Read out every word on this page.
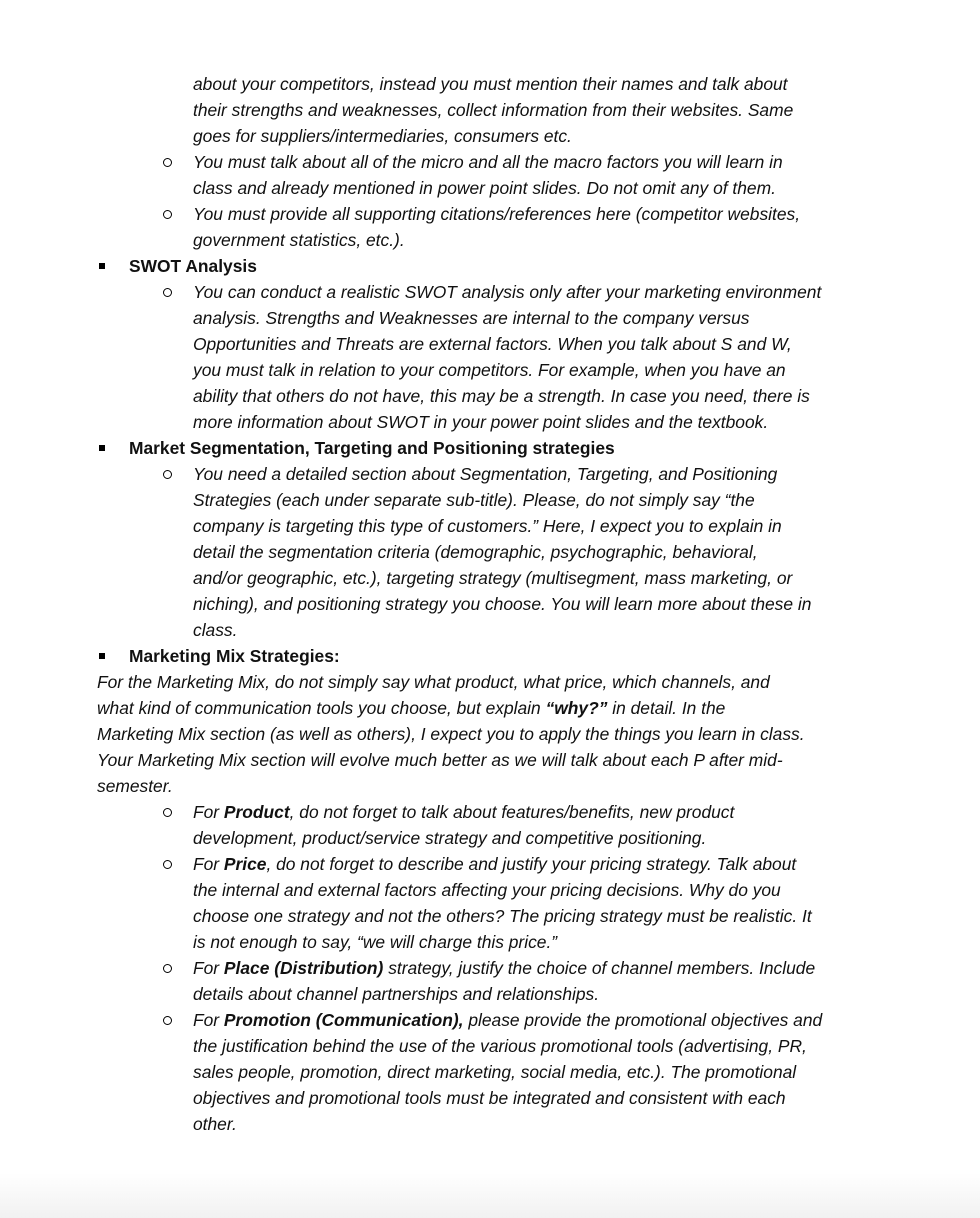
about your competitors, instead you must mention their names and talk about
their strengths and weaknesses, collect information from their websites. Same
goes for suppliers/intermediaries, consumers etc.
You must talk about all of the micro and all the macro factors you will learn in
class and already mentioned in power point slides. Do not omit any of them.
You must provide all supporting citations/references here (competitor websites,
government statistics, etc.).
SWOT Analysis
You can conduct a realistic SWOT analysis only after your marketing environment
analysis. Strengths and Weaknesses are internal to the company versus
Opportunities and Threats are external factors. When you talk about S and W,
you must talk in relation to your competitors. For example, when you have an
ability that others do not have, this may be a strength. In case you need, there is
more information about SWOT in your power point slides and the textbook.
Market Segmentation, Targeting and Positioning strategies
You need a detailed section about Segmentation, Targeting, and Positioning
Strategies (each under separate sub-title). Please, do not simply say “the
company is targeting this type of customers.” Here, I expect you to explain in
detail the segmentation criteria (demographic, psychographic, behavioral,
and/or geographic, etc.), targeting strategy (multisegment, mass marketing, or
niching), and positioning strategy you choose. You will learn more about these in
class.
Marketing Mix Strategies:
For the Marketing Mix, do not simply say what product, what price, which channels, and
what kind of communication tools you choose, but explain “why?” in detail. In the
Marketing Mix section (as well as others), I expect you to apply the things you learn in class.
Your Marketing Mix section will evolve much better as we will talk about each P after mid-
semester.
For Product, do not forget to talk about features/benefits, new product
development, product/service strategy and competitive positioning.
For Price, do not forget to describe and justify your pricing strategy. Talk about
the internal and external factors affecting your pricing decisions. Why do you
choose one strategy and not the others? The pricing strategy must be realistic. It
is not enough to say, “we will charge this price.”
For Place (Distribution) strategy, justify the choice of channel members. Include
details about channel partnerships and relationships.
For Promotion (Communication), please provide the promotional objectives and
the justification behind the use of the various promotional tools (advertising, PR,
sales people, promotion, direct marketing, social media, etc.). The promotional
objectives and promotional tools must be integrated and consistent with each
other.
